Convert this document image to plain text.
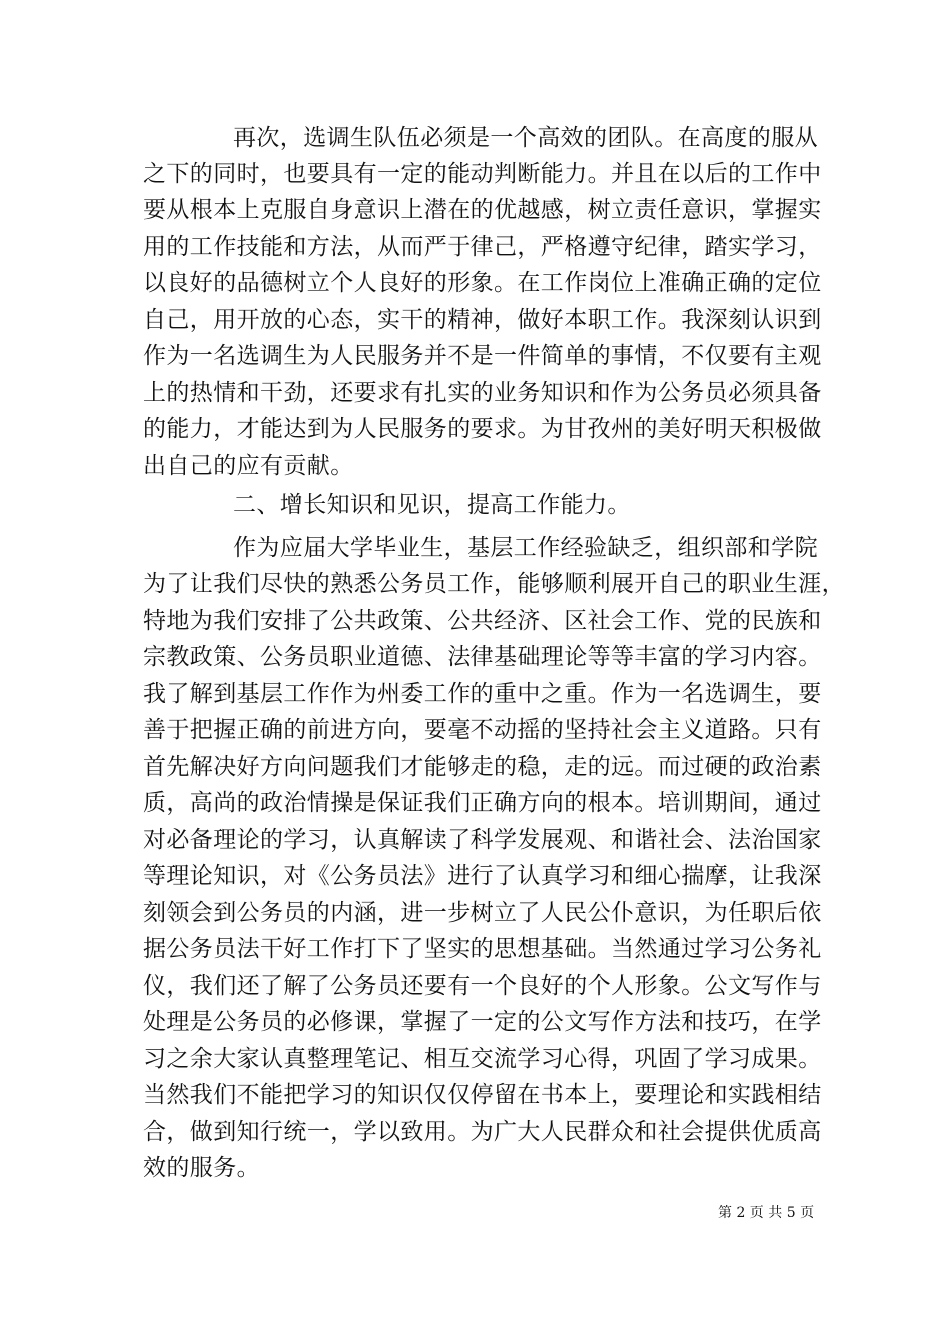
再次，选调生队伍必须是一个高效的团队。在高度的服从
之下的同时，也要具有一定的能动判断能力。并且在以后的工作中
要从根本上克服自身意识上潜在的优越感，树立责任意识，掌握实
用的工作技能和方法，从而严于律己，严格遵守纪律，踏实学习，
以良好的品德树立个人良好的形象。在工作岗位上准确正确的定位
自己，用开放的心态，实干的精神，做好本职工作。我深刻认识到
作为一名选调生为人民服务并不是一件简单的事情，不仅要有主观
上的热情和干劲，还要求有扎实的业务知识和作为公务员必须具备
的能力，才能达到为人民服务的要求。为甘孜州的美好明天积极做
出自己的应有贡献。
二、增长知识和见识，提高工作能力。
作为应届大学毕业生，基层工作经验缺乏，组织部和学院
为了让我们尽快的熟悉公务员工作，能够顺利展开自己的职业生涯，
特地为我们安排了公共政策、公共经济、区社会工作、党的民族和
宗教政策、公务员职业道德、法律基础理论等等丰富的学习内容。
我了解到基层工作作为州委工作的重中之重。作为一名选调生，要
善于把握正确的前进方向，要毫不动摇的坚持社会主义道路。只有
首先解决好方向问题我们才能够走的稳，走的远。而过硬的政治素
质，高尚的政治情操是保证我们正确方向的根本。培训期间，通过
对必备理论的学习，认真解读了科学发展观、和谐社会、法治国家
等理论知识，对《公务员法》进行了认真学习和细心揣摩，让我深
刻领会到公务员的内涵，进一步树立了人民公仆意识，为任职后依
据公务员法干好工作打下了坚实的思想基础。当然通过学习公务礼
仪，我们还了解了公务员还要有一个良好的个人形象。公文写作与
处理是公务员的必修课，掌握了一定的公文写作方法和技巧，在学
习之余大家认真整理笔记、相互交流学习心得，巩固了学习成果。
当然我们不能把学习的知识仅仅停留在书本上，要理论和实践相结
合，做到知行统一，学以致用。为广大人民群众和社会提供优质高
效的服务。
第 2 页 共 5 页
